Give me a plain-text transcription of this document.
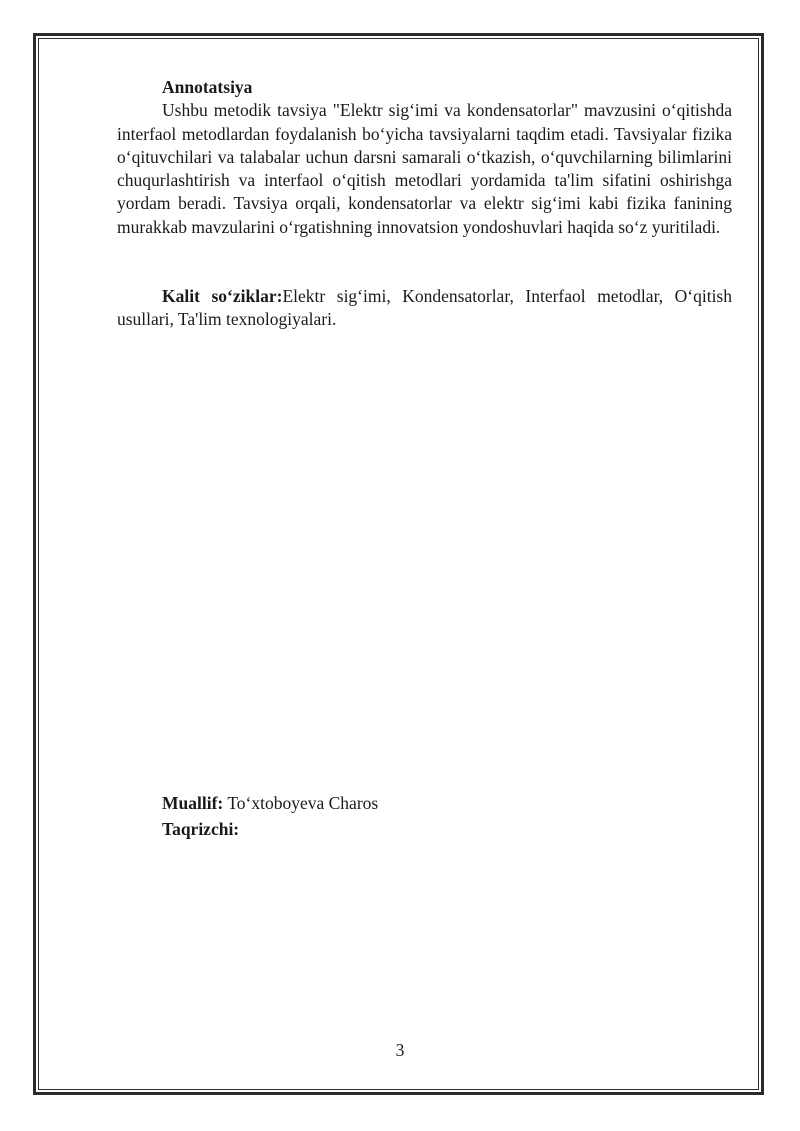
Annotatsiya

Ushbu metodik tavsiya "Elektr sig‘imi va kondensatorlar" mavzusini o‘qitishda interfaol metodlardan foydalanish bo‘yicha tavsiyalarni taqdim etadi. Tavsiyalar fizika o‘qituvchilari va talabalar uchun darsni samarali o‘tkazish, o‘quvchilarning bilimlarini chuqurlashtirish va interfaol o‘qitish metodlari yordamida ta'lim sifatini oshirishga yordam beradi. Tavsiya orqali, kondensatorlar va elektr sig‘imi kabi fizika fanining murakkab mavzularini o‘rgatishning innovatsion yondoshuvlari haqida so‘z yuritiladi.

Kalit so‘ziklar:Elektr sig‘imi, Kondensatorlar, Interfaol metodlar, O‘qitish usullari, Ta'lim texnologiyalari.

Muallif: To‘xtoboyeva Charos

Taqrizchi:

3
